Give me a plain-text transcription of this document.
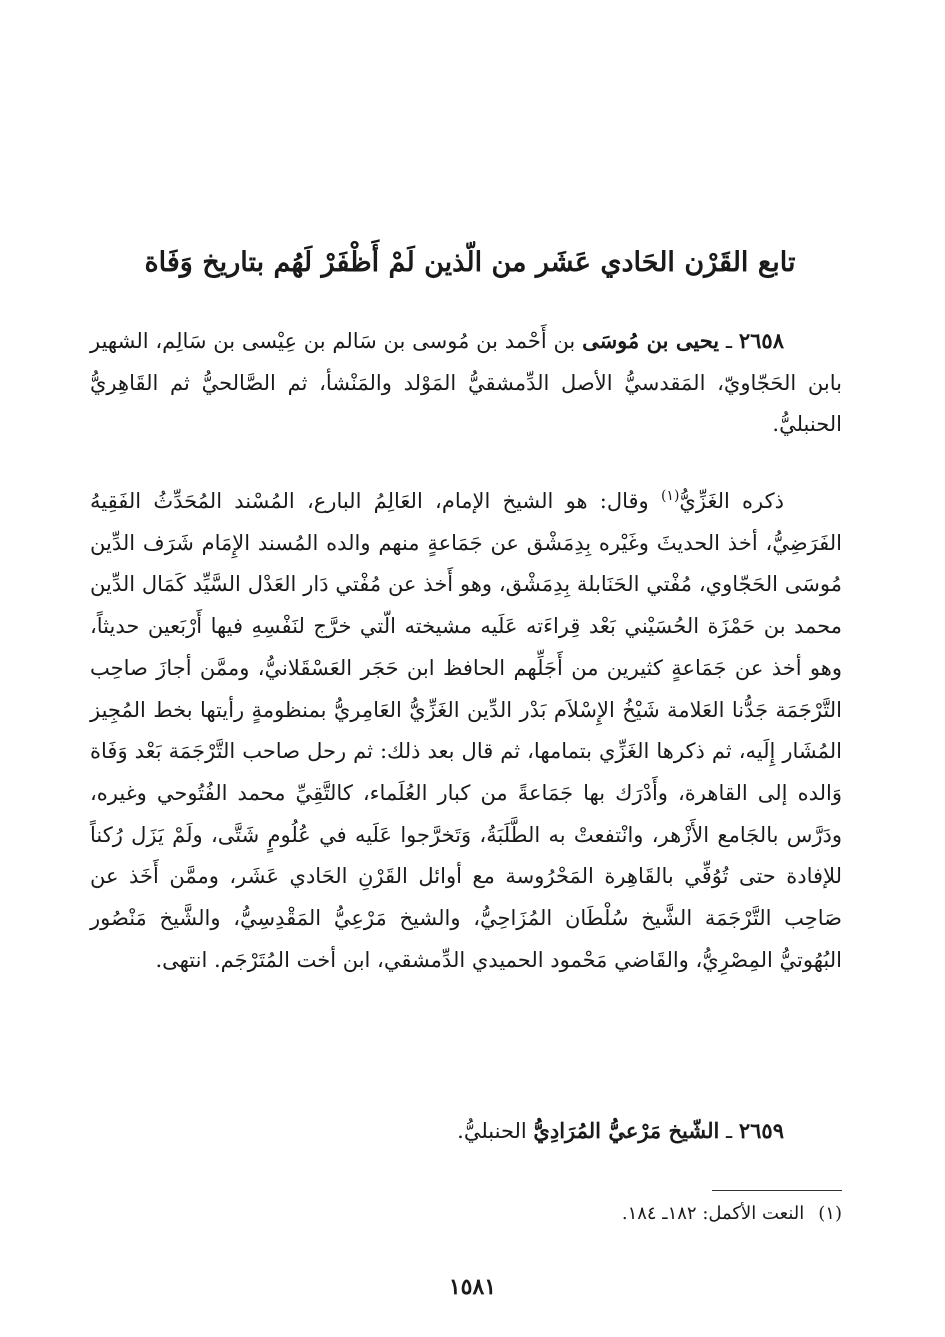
تابع القَرْن الحَادي عَشَر من الّذين لَمْ أَظْفَرْ لَهُم بتاريخ وَفَاة
٢٦٥٨ ـ يحيى بن مُوسَى بن أَحْمد بن مُوسى بن سَالم بن عِيْسى بن سَالِم، الشهير بابن الحَجّاويّ، المَقدسيُّ الأصل الدِّمشقيُّ المَوْلد والمَنْشأ، ثم الصَّالحيُّ ثم القَاهِريُّ الحنبليُّ.
ذكره الغَزِّيُّ$^{(١)}$ وقال: هو الشيخ الإمام، العَالِمُ البارع، المُسْند المُحَدِّثُ الفَقِيهُ الفَرَضِيُّ، أخذ الحديثَ وغَيْره بِدِمَشْق عن جَمَاعةٍ منهم والده المُسند الإِمَام شَرَف الدِّين مُوسَى الحَجّاوي، مُفْتي الحَنَابلة بِدِمَشْق، وهو أَخذ عن مُفْتي دَار العَدْل السَّيِّد كَمَال الدِّين محمد بن حَمْزَة الحُسَيْني بَعْد قِراءَته عَلَيه مشيخته الّتي خرَّج لنَفْسِهِ فيها أَرْبَعين حديثاً، وهو أخذ عن جَمَاعةٍ كثيرين من أَجَلِّهم الحافظ ابن حَجَر العَسْقَلانيُّ، وممَّن أجازَ صاحِب التَّرْجَمَة جَدُّنا العَلامة شَيْخُ الإِسْلاَم بَدْر الدِّين الغَزِّيُّ العَامِريُّ بمنظومةٍ رأيتها بخط المُجِيز المُشَار إِلَيه، ثم ذكرها الغَزِّي بتمامها، ثم قال بعد ذلك: ثم رحل صاحب التَّرْجَمَة بَعْد وَفَاة وَالده إلى القاهرة، وأَدْرَك بها جَمَاعةً من كبار العُلَماء، كالتَّقِيِّ محمد الفُتُوحي وغيره، ودَرَّس بالجَامع الأَزْهر، وانْتفعتْ به الطَّلَبَةُ، وَتَخرَّجوا عَلَيه في عُلُومٍ شَتَّى، ولَمْ يَزَل رُكناً للإفادة حتى تُوُفِّي بالقَاهِرة المَحْرُوسة مع أوائل القَرْنِ الحَادي عَشَر، وممَّن أَخَذ عن صَاحِب التَّرْجَمَة الشَّيخ سُلْطَان المُزَاحِيُّ، والشيخ مَرْعِيُّ المَقْدِسِيُّ، والشَّيخ مَنْصُور البُهُوتيُّ المِصْرِيُّ، والقَاضي مَحْمود الحميدي الدِّمشقي، ابن أخت المُتَرْجَم. انتهى.
٢٦٥٩ ـ الشّيخ مَرْعيُّ المُرَادِيُّ الحنبليُّ.
(١)النعت الأكمل: ١٨٢ـ ١٨٤.
١٥٨١
